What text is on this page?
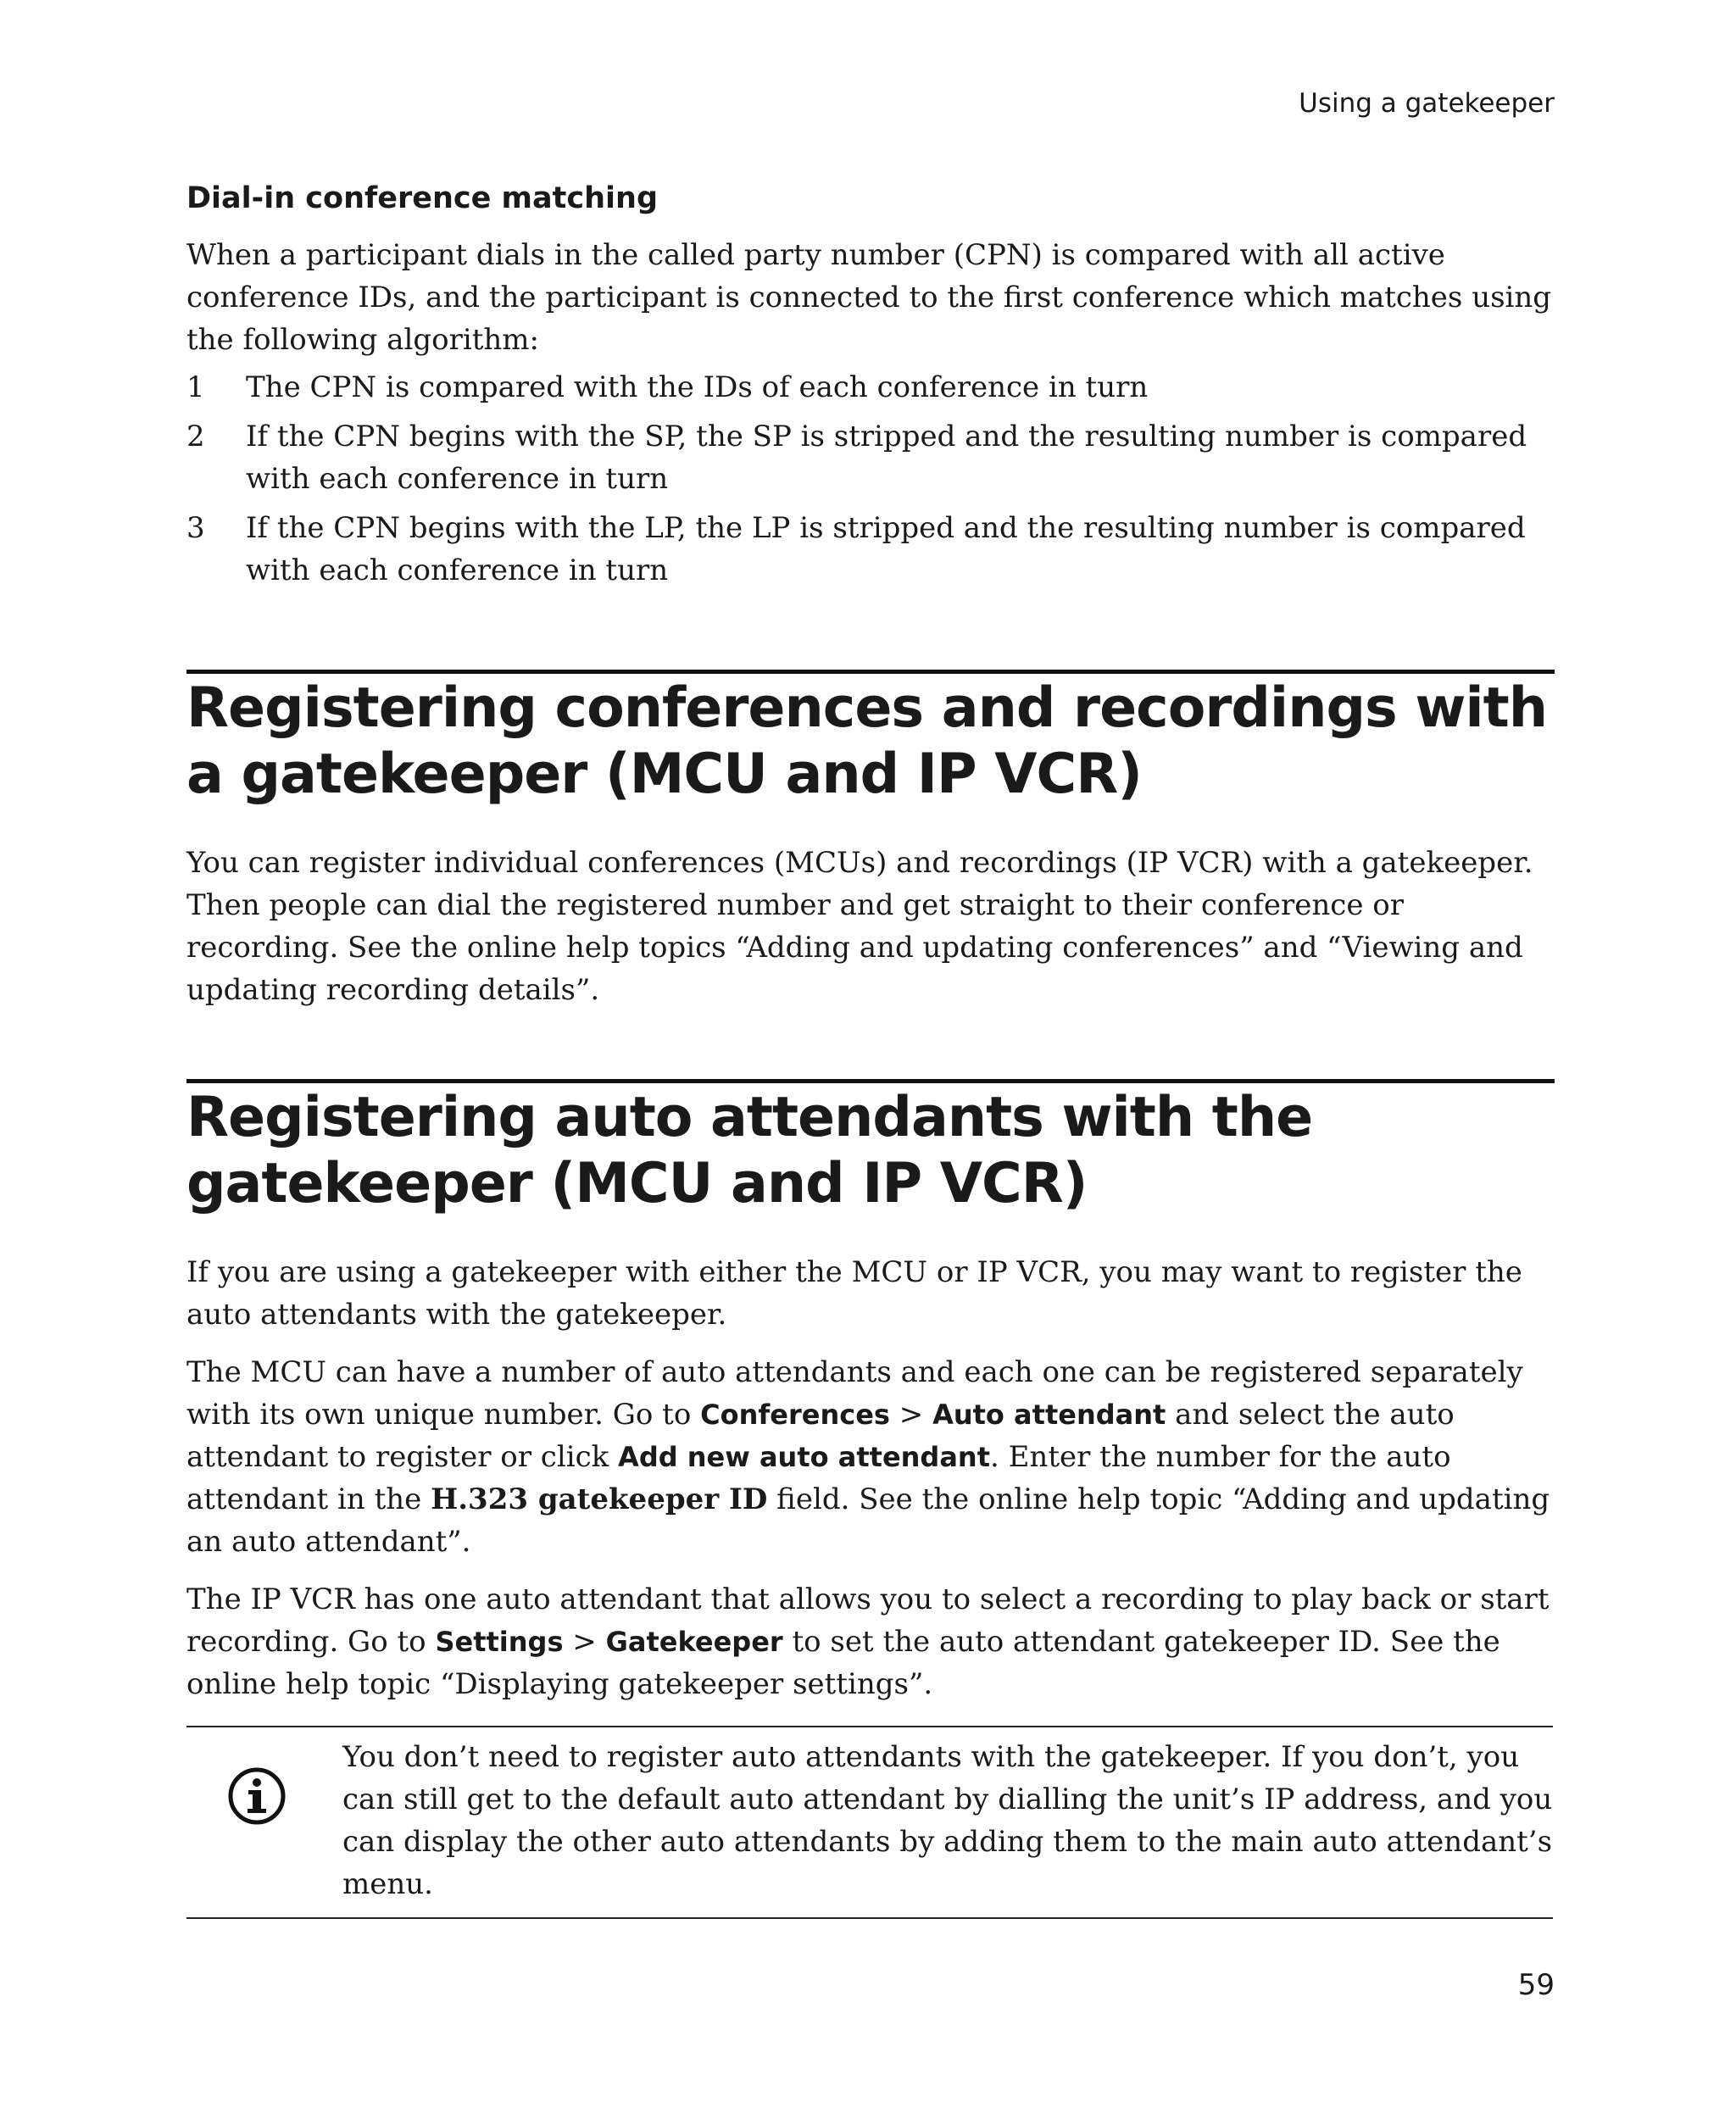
Using a gatekeeper
Dial-in conference matching

When a participant dials in the called party number (CPN) is compared with all active conference IDs, and the participant is connected to the first conference which matches using the following algorithm:

1 The CPN is compared with the IDs of each conference in turn
2 If the CPN begins with the SP, the SP is stripped and the resulting number is compared with each conference in turn
3 If the CPN begins with the LP, the LP is stripped and the resulting number is compared with each conference in turn
Registering conferences and recordings with a gatekeeper (MCU and IP VCR)

You can register individual conferences (MCUs) and recordings (IP VCR) with a gatekeeper. Then people can dial the registered number and get straight to their conference or recording. See the online help topics “Adding and updating conferences” and “Viewing and updating recording details”.

Registering auto attendants with the gatekeeper (MCU and IP VCR)

If you are using a gatekeeper with either the MCU or IP VCR, you may want to register the auto attendants with the gatekeeper.

The MCU can have a number of auto attendants and each one can be registered separately with its own unique number. Go to Conferences > Auto attendant and select the auto attendant to register or click Add new auto attendant. Enter the number for the auto attendant in the H.323 gatekeeper ID field. See the online help topic “Adding and updating an auto attendant”.

The IP VCR has one auto attendant that allows you to select a recording to play back or start recording. Go to Settings > Gatekeeper to set the auto attendant gatekeeper ID. See the online help topic “Displaying gatekeeper settings”.

You don’t need to register auto attendants with the gatekeeper. If you don’t, you can still get to the default auto attendant by dialling the unit’s IP address, and you can display the other auto attendants by adding them to the main auto attendant’s menu.

59
